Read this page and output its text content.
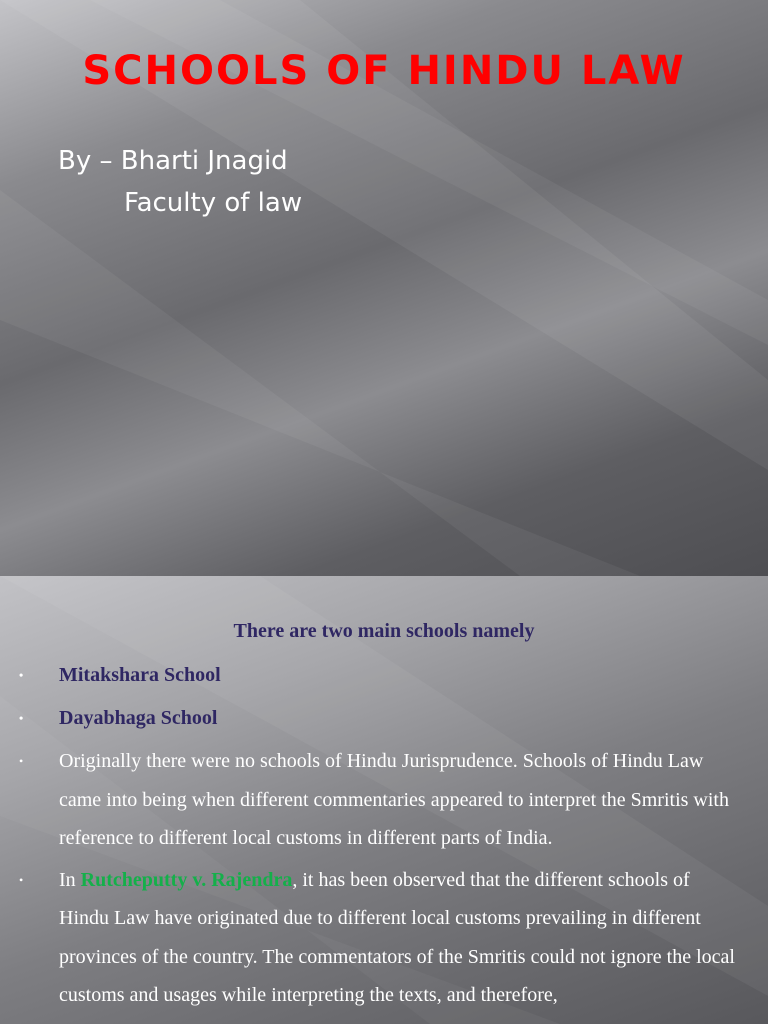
SCHOOLS OF HINDU LAW

By – Bharti Jnagid
Faculty of law

There are two main schools namely
• Mitakshara School
• Dayabhaga School
• Originally there were no schools of Hindu Jurisprudence. Schools of Hindu Law came into being when different commentaries appeared to interpret the Smritis with reference to different local customs in different parts of India.
• In Rutcheputty v. Rajendra, it has been observed that the different schools of Hindu Law have originated due to different local customs prevailing in different provinces of the country. The commentators of the Smritis could not ignore the local customs and usages while interpreting the texts, and therefore,
